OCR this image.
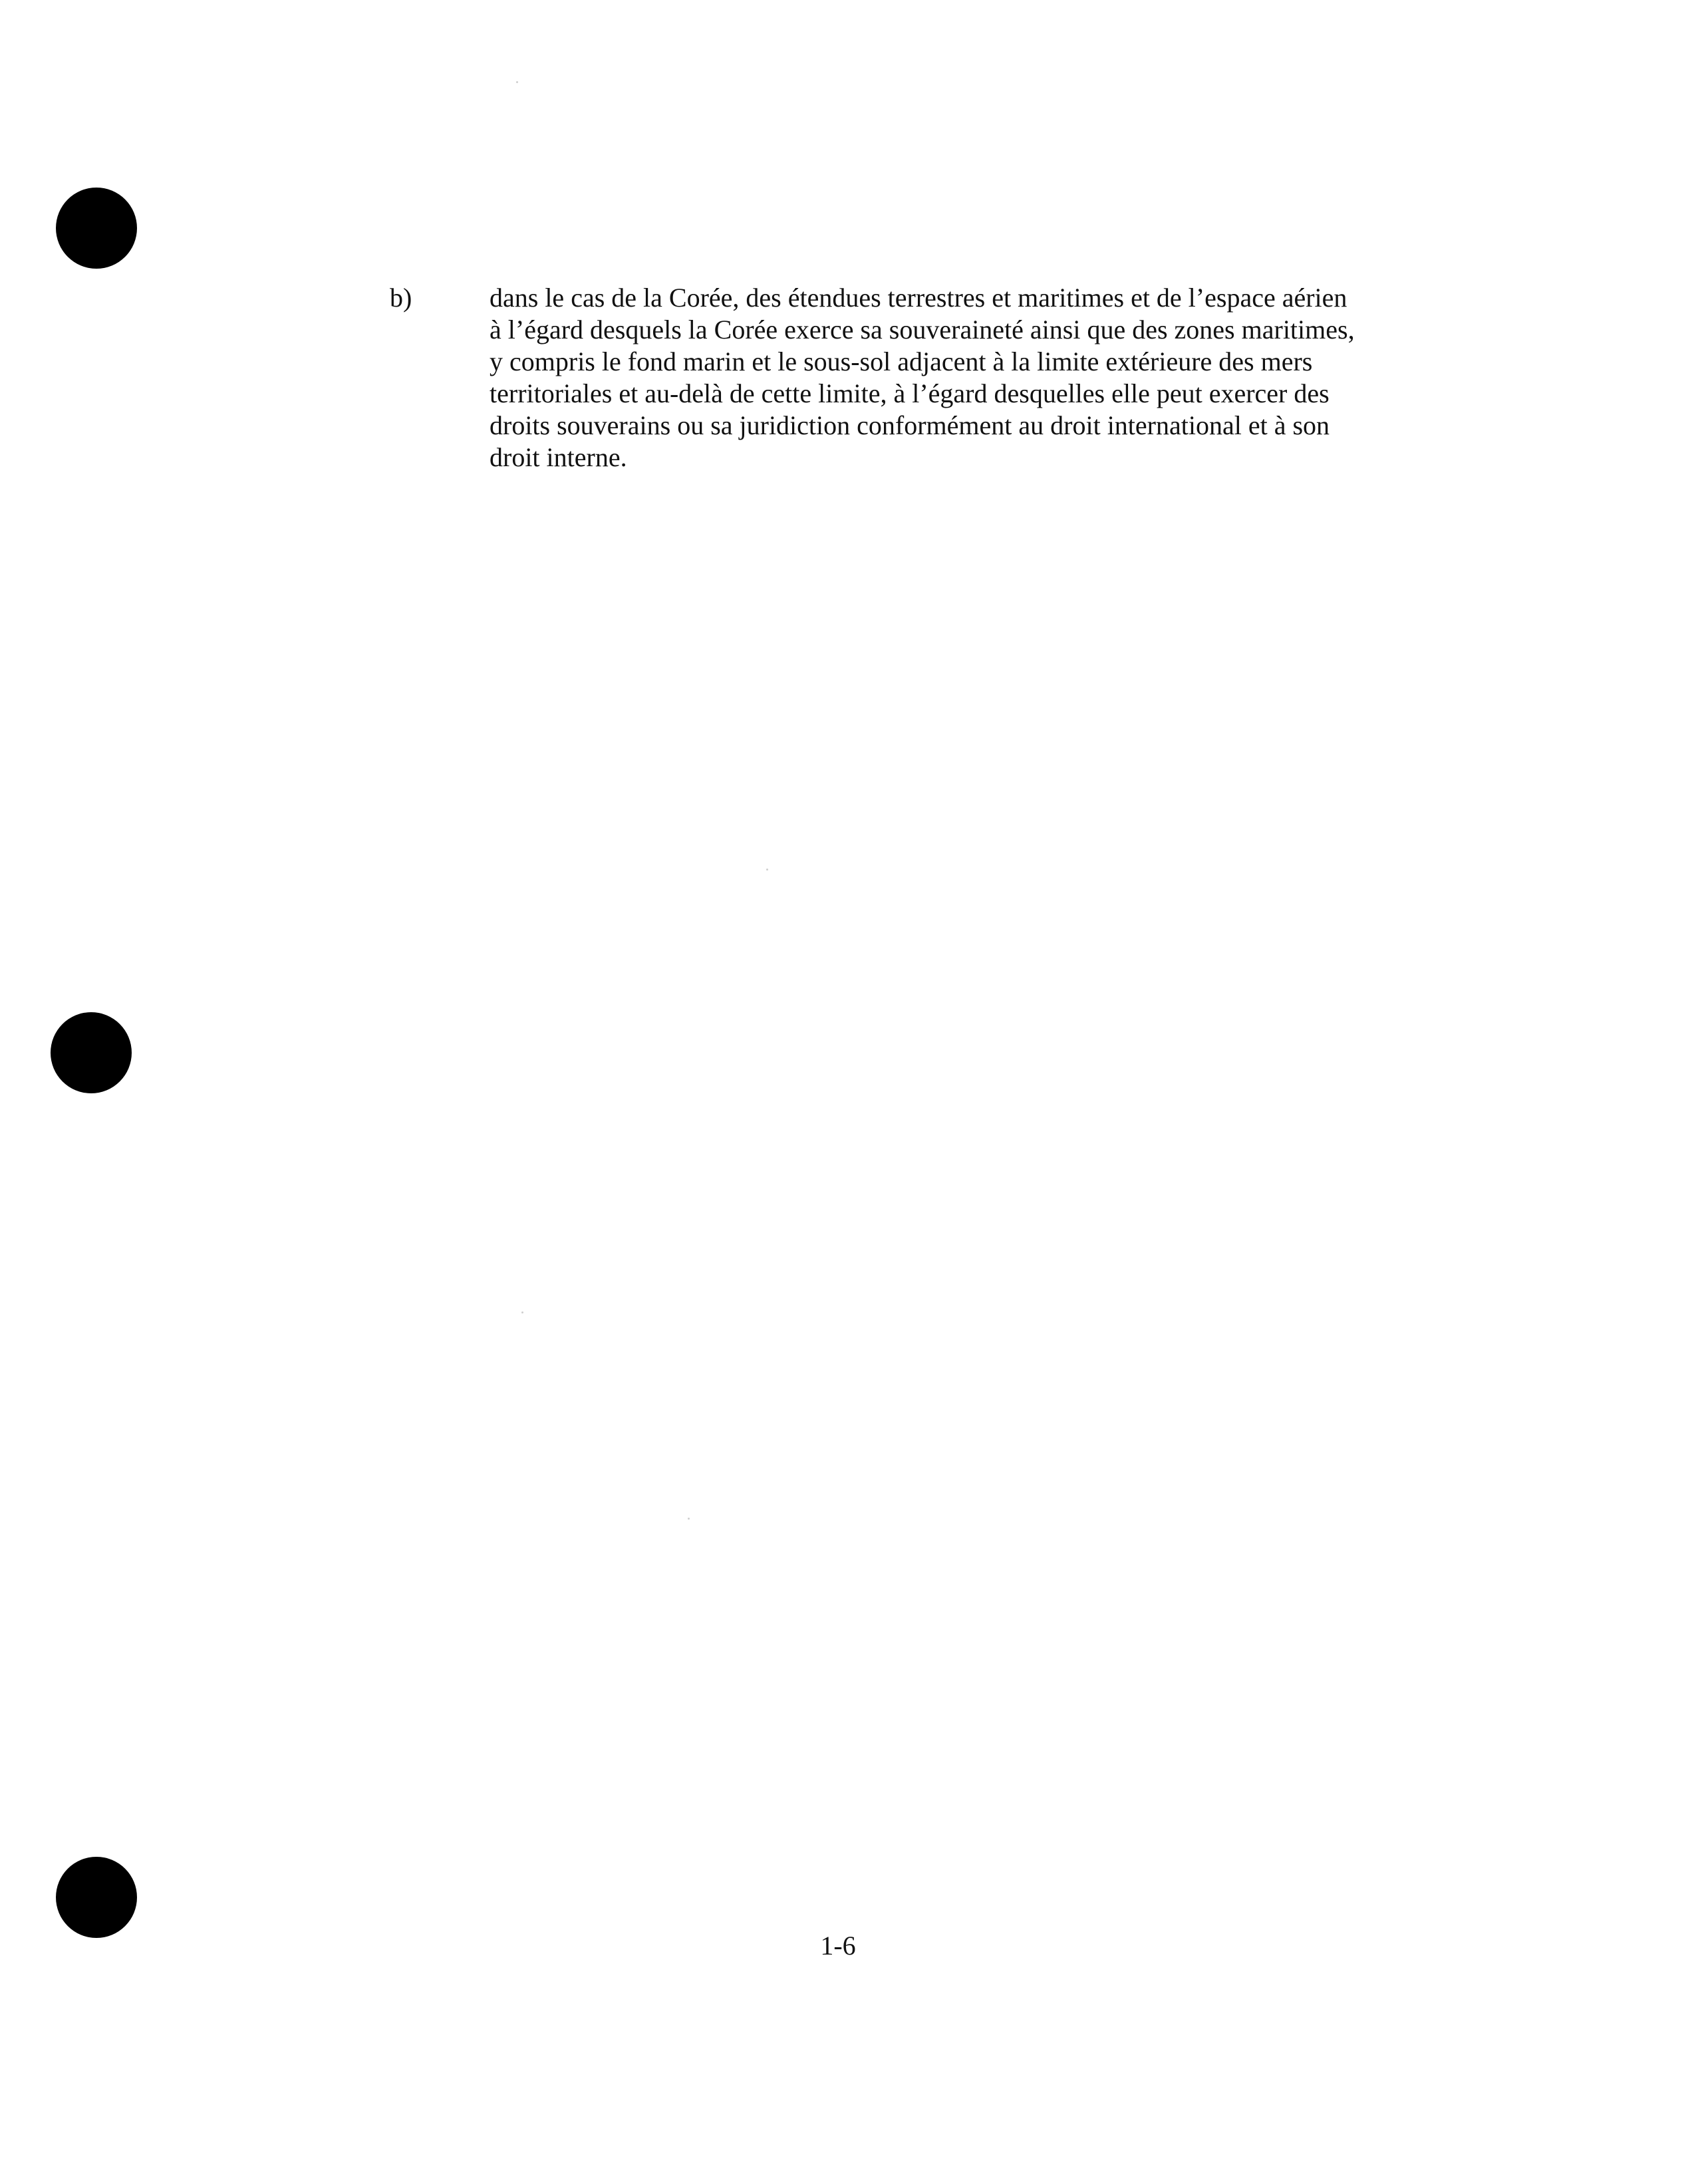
b)	dans le cas de la Corée, des étendues terrestres et maritimes et de l’espace aérien
à l’égard desquels la Corée exerce sa souveraineté ainsi que des zones maritimes,
y compris le fond marin et le sous-sol adjacent à la limite extérieure des mers
territoriales et au-delà de cette limite, à l’égard desquelles elle peut exercer des
droits souverains ou sa juridiction conformément au droit international et à son
droit interne.
1-6
